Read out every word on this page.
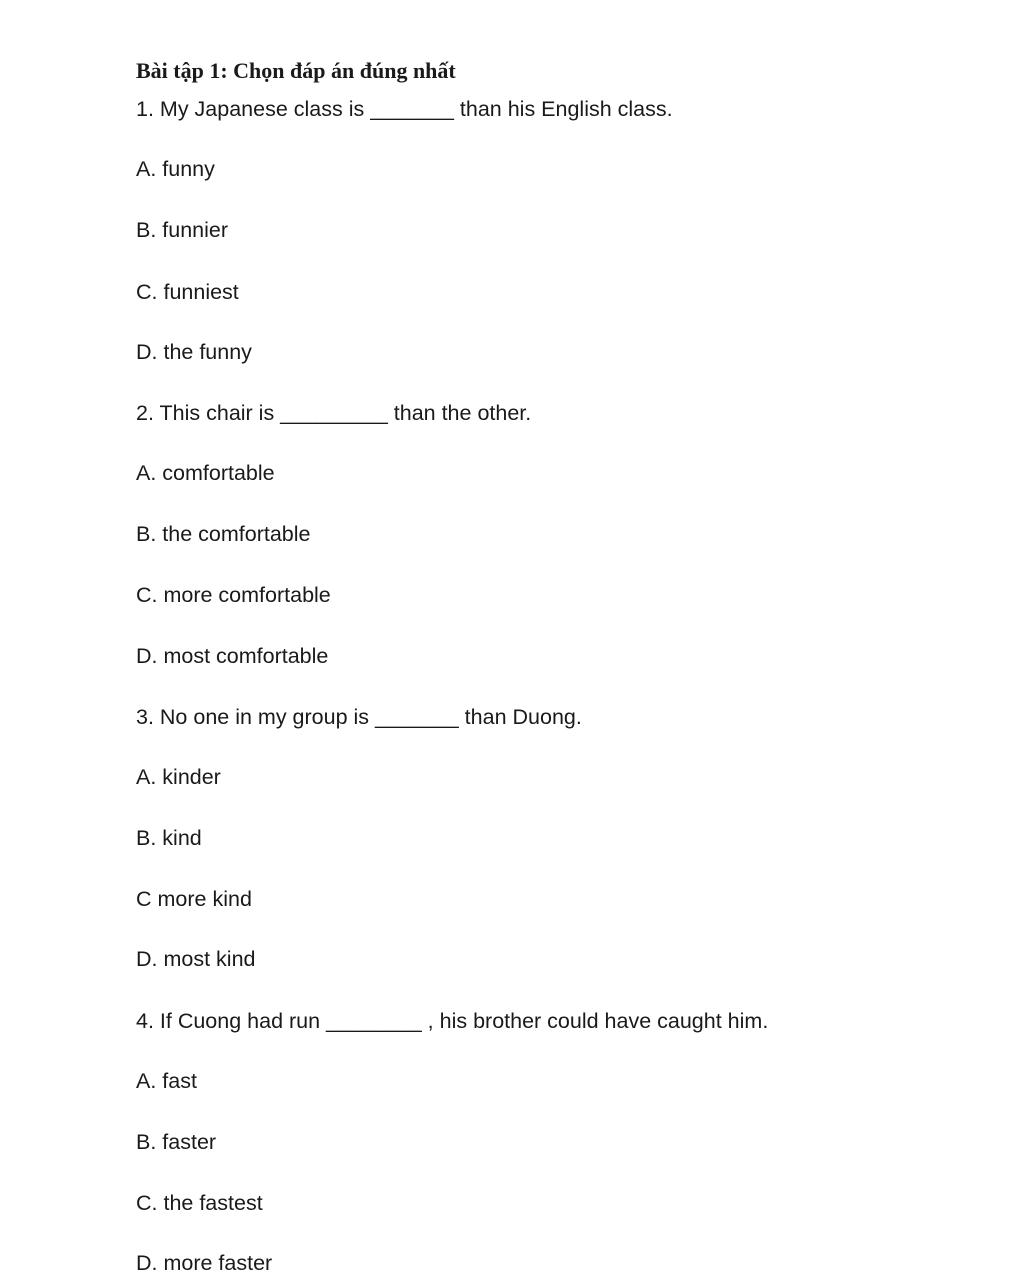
Bài tập 1: Chọn đáp án đúng nhất
1. My Japanese class is _______ than his English class.
A. funny
B. funnier
C. funniest
D. the funny
2. This chair is _________ than the other.
A. comfortable
B. the comfortable
C. more comfortable
D. most comfortable
3. No one in my group is _______ than Duong.
A. kinder
B. kind
C more kind
D. most kind
4. If Cuong had run ________ , his brother could have caught him.
A. fast
B. faster
C. the fastest
D. more faster
